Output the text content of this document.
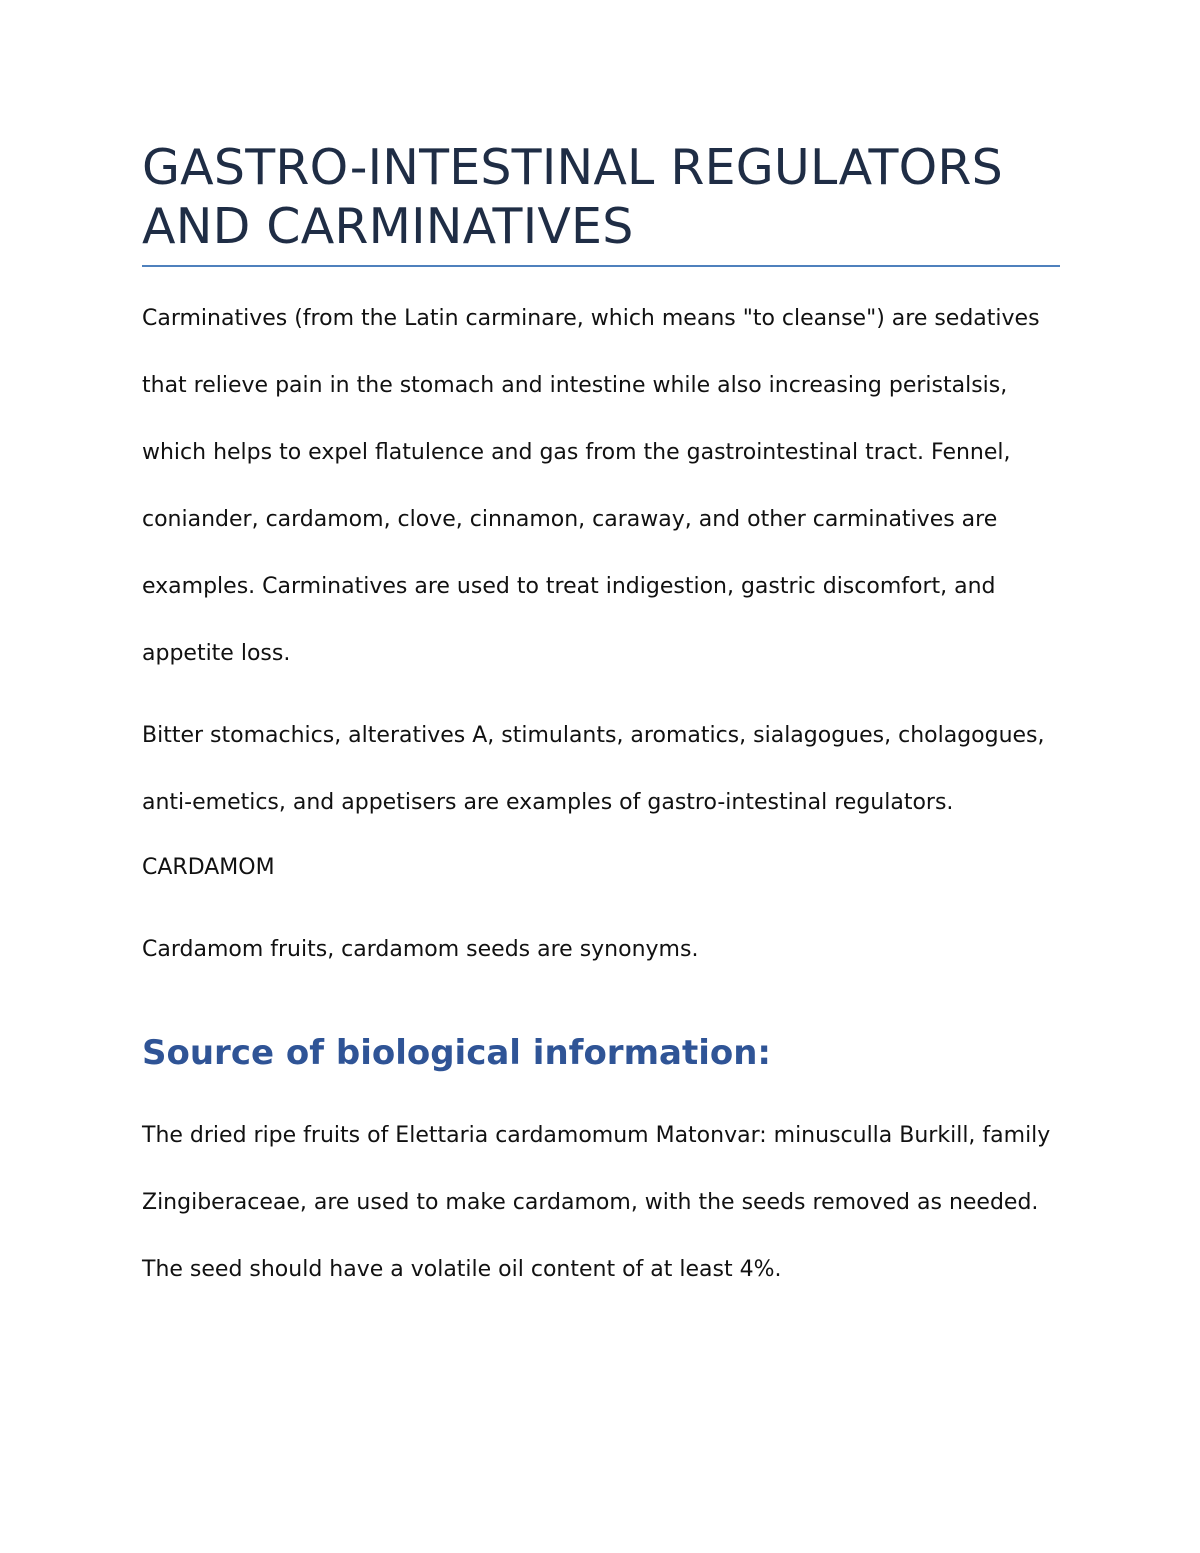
GASTRO-INTESTINAL REGULATORS
AND CARMINATIVES

Carminatives (from the Latin carminare, which means "to cleanse") are sedatives that relieve pain in the stomach and intestine while also increasing peristalsis, which helps to expel flatulence and gas from the gastrointestinal tract. Fennel, coniander, cardamom, clove, cinnamon, caraway, and other carminatives are examples. Carminatives are used to treat indigestion, gastric discomfort, and appetite loss.

Bitter stomachics, alteratives A, stimulants, aromatics, sialagogues, cholagogues, anti-emetics, and appetisers are examples of gastro-intestinal regulators.

CARDAMOM

Cardamom fruits, cardamom seeds are synonyms.

Source of biological information:

The dried ripe fruits of Elettaria cardamomum Matonvar: minusculla Burkill, family Zingiberaceae, are used to make cardamom, with the seeds removed as needed. The seed should have a volatile oil content of at least 4%.
